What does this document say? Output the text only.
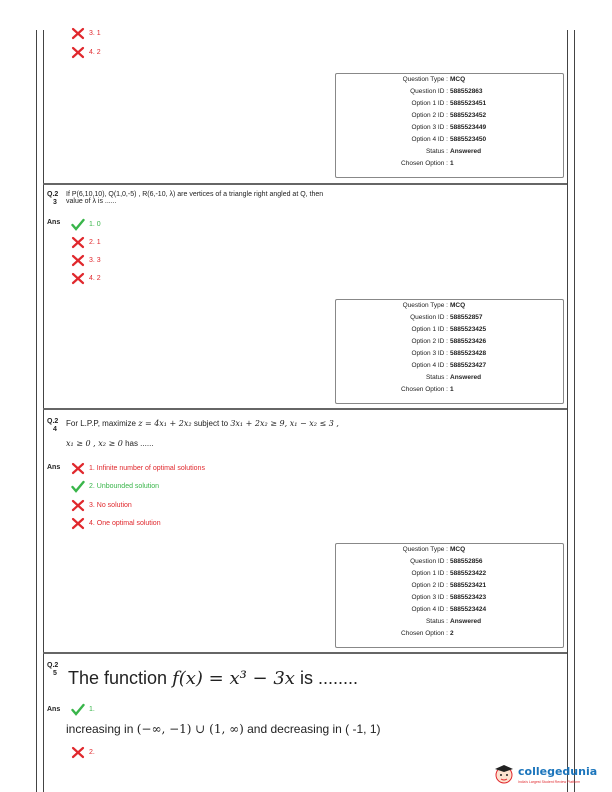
3. 1
4. 2
Question Type : MCQ
Question ID : 588552863
Option 1 ID : 5885523451
Option 2 ID : 5885523452
Option 3 ID : 5885523449
Option 4 ID : 5885523450
Status : Answered
Chosen Option : 1
Q.2
3
If P(6,10,10), Q(1,0,-5) , R(6,-10, λ) are vertices of a triangle right angled at Q, then
value of λ is ......
Ans	1. 0
2. 1
3. 3
4. 2
Question Type : MCQ
Question ID : 588552857
Option 1 ID : 5885523425
Option 2 ID : 5885523426
Option 3 ID : 5885523428
Option 4 ID : 5885523427
Status : Answered
Chosen Option : 1
Q.2
4
For L.P.P, maximize z = 4x₁ + 2x₂ subject to 3x₁ + 2x₂ ≥ 9, x₁ − x₂ ≤ 3 ,
x₁ ≥ 0 , x₂ ≥ 0 has ......
Ans	1. Infinite number of optimal solutions
2. Unbounded solution
3. No solution
4. One optimal solution
Question Type : MCQ
Question ID : 588552856
Option 1 ID : 5885523422
Option 2 ID : 5885523421
Option 3 ID : 5885523423
Option 4 ID : 5885523424
Status : Answered
Chosen Option : 2
Q.2
5 The function f(x) = x³ − 3x is ........
Ans	1.
increasing in (−∞, −1) ∪ (1, ∞) and decreasing in ( -1, 1)
2.
collegedunia
India's Largest Student Review Platform
